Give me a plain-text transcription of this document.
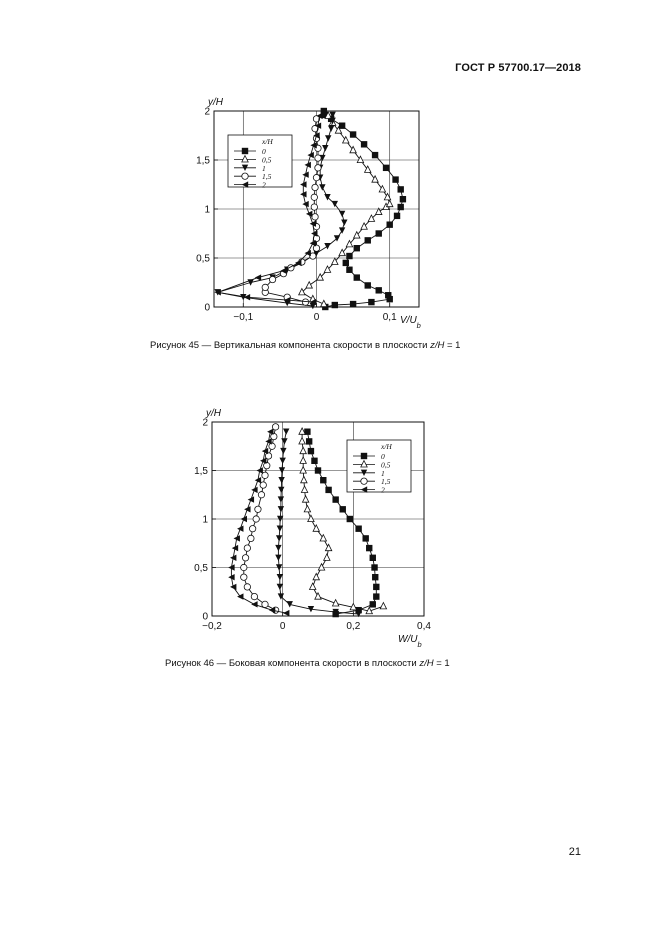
ГОСТ Р 57700.17—2018
−0,1	0	0,1
0
0,5
1
1,5
2
y/H
$V/U_b$
x/H
0
0,5
1
1,5
2
Рисунок 45 — Вертикальная компонента скорости в плоскости z/H = 1
−0,2	0	0,2	0,4
0
0,5
1
1,5
2
y/H
$W/U_b$
x/H
0
0,5
1
1,5
2
Рисунок 46 — Боковая компонента скорости в плоскости z/H = 1
21
